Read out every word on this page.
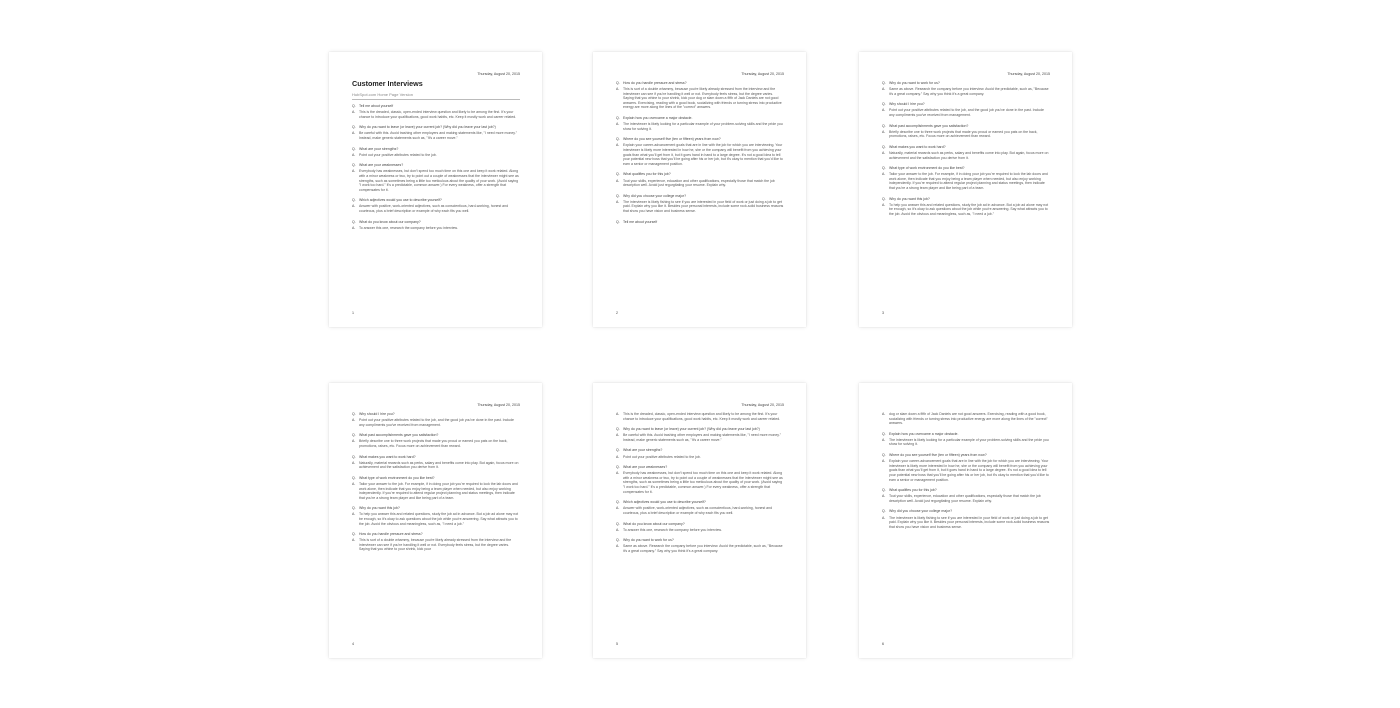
Thursday, August 20, 2015
Customer Interviews
HubSpot.com Home Page Version
Q. Tell me about yourself
A.	This is the dreaded, classic, open-ended interview question and likely to be among the first. It's your chance to introduce your qualifications, good work habits, etc. Keep it mostly work and career related.
Q. Why do you want to leave (or leave) your current job? (Why did you leave your last job?)
A.	Be careful with this. Avoid trashing other employers and making statements like, "I need more money." Instead, make generic statements such as, "It's a career move."
Q. What are your strengths?
A.	Point out your positive attributes related to the job.
Q. What are your weaknesses?
A.	Everybody has weaknesses, but don't spend too much time on this one and keep it work related. Along with a minor weakness or two, try to point out a couple of weaknesses that the interviewer might see as strengths, such as sometimes being a little too meticulous about the quality of your work. (Avoid saying "I work too hard." It's a predictable, common answer.) For every weakness, offer a strength that compensates for it.
Q. Which adjectives would you use to describe yourself?
A.	Answer with positive, work-oriented adjectives, such as conscientious, hard-working, honest and courteous, plus a brief description or example of why each fits you well.
Q. What do you know about our company?
A.	To answer this one, research the company before you interview.
1
Thursday, August 20, 2015
Q. How do you handle pressure and stress?
A.	This is sort of a double whammy, because you're likely already stressed from the interview and the interviewer can see if you're handling it well or not. Everybody feels stress, but the degree varies. Saying that you whine to your shrink, kick your dog or slam down a fifth of Jack Daniels are not good answers. Exercising, reading with a good book, socializing with friends or turning stress into productive energy are more along the lines of the "correct" answers.
Q. Explain how you overcame a major obstacle.
A.	The interviewer is likely looking for a particular example of your problem-solving skills and the pride you show for solving it.
Q. Where do you see yourself five (ten or fifteen) years from now?
A.	Explain your career-advancement goals that are in line with the job for which you are interviewing. Your interviewer is likely more interested in how he, she or the company will benefit from you achieving your goals than what you'll get from it, but it goes hand in hand to a large degree. It's not a good idea to tell your potential new boss that you'll be going after his or her job, but it's okay to mention that you'd like to earn a senior or management position.
Q. What qualifies you for this job?
A.	Tout your skills, experience, education and other qualifications, especially those that match the job description well. Avoid just regurgitating your resume. Explain why.
Q. Why did you choose your college major?
A.	The interviewer is likely fishing to see if you are interested in your field of work or just doing a job to get paid. Explain why you like it. Besides your personal interests, include some rock-solid business reasons that show you have vision and business sense.
Q. Tell me about yourself
2
Thursday, August 20, 2015
Q. Why do you want to work for us?
A.	Same as above. Research the company before you interview. Avoid the predictable, such as, "Because it's a great company." Say why you think it's a great company.
Q. Why should I hire you?
A.	Point out your positive attributes related to the job, and the good job you've done in the past. Include any compliments you've received from management.
Q. What past accomplishments gave you satisfaction?
A.	Briefly describe one to three work projects that made you proud or earned you pats on the back, promotions, raises, etc. Focus more on achievement than reward.
Q. What makes you want to work hard?
A.	Naturally, material rewards such as perks, salary and benefits come into play. But again, focus more on achievement and the satisfaction you derive from it.
Q. What type of work environment do you like best?
A.	Tailor your answer to the job. For example, if in doing your job you're required to lock the lab doors and work alone, then indicate that you enjoy being a team player when needed, but also enjoy working independently. If you're required to attend regular project planning and status meetings, then indicate that you're a strong team player and like being part of a team.
Q. Why do you want this job?
A.	To help you answer this and related questions, study the job ad in advance. But a job ad alone may not be enough, so it's okay to ask questions about the job while you're answering. Say what attracts you to the job. Avoid the obvious and meaningless, such as, "I need a job."
3
Thursday, August 20, 2015
Q. Why should I hire you?
A.	Point out your positive attributes related to the job, and the good job you've done in the past. Include any compliments you've received from management.
Q. What past accomplishments gave you satisfaction?
A.	Briefly describe one to three work projects that made you proud or earned you pats on the back, promotions, raises, etc. Focus more on achievement than reward.
Q. What makes you want to work hard?
A.	Naturally, material rewards such as perks, salary and benefits come into play. But again, focus more on achievement and the satisfaction you derive from it.
Q. What type of work environment do you like best?
A.	Tailor your answer to the job. For example, if in doing your job you're required to lock the lab doors and work alone, then indicate that you enjoy being a team player when needed, but also enjoy working independently. If you're required to attend regular project planning and status meetings, then indicate that you're a strong team player and like being part of a team.
Q. Why do you want this job?
A.	To help you answer this and related questions, study the job ad in advance. But a job ad alone may not be enough, so it's okay to ask questions about the job while you're answering. Say what attracts you to the job. Avoid the obvious and meaningless, such as, "I need a job."
Q. How do you handle pressure and stress?
A.	This is sort of a double whammy, because you're likely already stressed from the interview and the interviewer can see if you're handling it well or not. Everybody feels stress, but the degree varies. Saying that you whine to your shrink, kick your
4
Thursday, August 20, 2015
A.	This is the dreaded, classic, open-ended interview question and likely to be among the first. It's your chance to introduce your qualifications, good work habits, etc. Keep it mostly work and career related.
Q. Why do you want to leave (or leave) your current job? (Why did you leave your last job?)
A.	Be careful with this. Avoid trashing other employers and making statements like, "I need more money." Instead, make generic statements such as, "It's a career move."
Q. What are your strengths?
A.	Point out your positive attributes related to the job.
Q. What are your weaknesses?
A.	Everybody has weaknesses, but don't spend too much time on this one and keep it work related. Along with a minor weakness or two, try to point out a couple of weaknesses that the interviewer might see as strengths, such as sometimes being a little too meticulous about the quality of your work. (Avoid saying "I work too hard." It's a predictable, common answer.) For every weakness, offer a strength that compensates for it.
Q. Which adjectives would you use to describe yourself?
A.	Answer with positive, work-oriented adjectives, such as conscientious, hard-working, honest and courteous, plus a brief description or example of why each fits you well.
Q. What do you know about our company?
A.	To answer this one, research the company before you interview.
Q. Why do you want to work for us?
A.	Same as above. Research the company before you interview. Avoid the predictable, such as, "Because it's a great company." Say why you think it's a great company.
5
A.	dog or slam down a fifth of Jack Daniels are not good answers. Exercising, reading with a good book, socializing with friends or turning stress into productive energy are more along the lines of the "correct" answers.
Q. Explain how you overcame a major obstacle.
A.	The interviewer is likely looking for a particular example of your problem-solving skills and the pride you show for solving it.
Q. Where do you see yourself five (ten or fifteen) years from now?
A.	Explain your career-advancement goals that are in line with the job for which you are interviewing. Your interviewer is likely more interested in how he, she or the company will benefit from you achieving your goals than what you'll get from it, but it goes hand in hand to a large degree. It's not a good idea to tell your potential new boss that you'll be going after his or her job, but it's okay to mention that you'd like to earn a senior or management position.
Q. What qualifies you for this job?
A.	Tout your skills, experience, education and other qualifications, especially those that match the job description well. Avoid just regurgitating your resume. Explain why.
Q. Why did you choose your college major?
A.	The interviewer is likely fishing to see if you are interested in your field of work or just doing a job to get paid. Explain why you like it. Besides your personal interests, include some rock-solid business reasons that show you have vision and business sense.
6
